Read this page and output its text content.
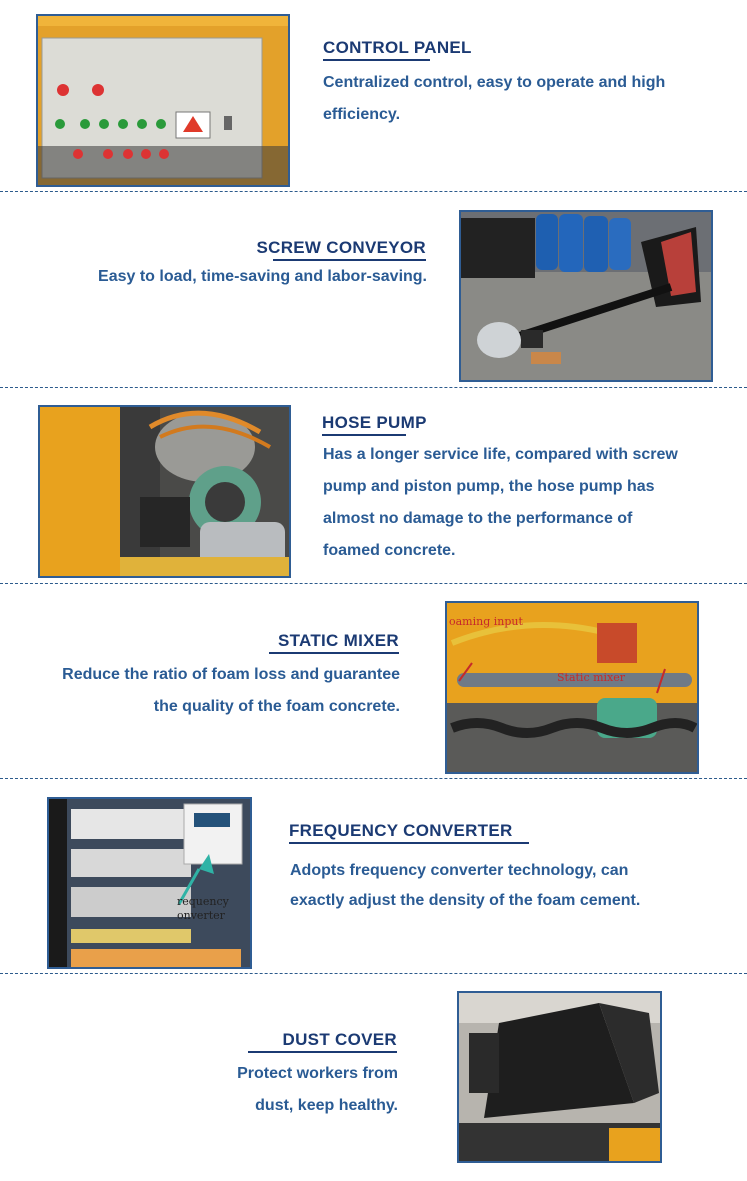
CONTROL PANEL
Centralized control, easy to operate and high
efficiency.
SCREW CONVEYOR
Easy to load, time-saving and labor-saving.
HOSE PUMP
Has a longer service life, compared with screw
pump and piston pump, the hose pump has
almost no damage to the performance of
foamed concrete.
STATIC MIXER
Reduce the ratio of foam loss and guarantee
the quality of the foam concrete.
oaming input
Static mixer
requency
onverter
FREQUENCY CONVERTER
Adopts frequency converter technology, can
exactly adjust the density of the foam cement.
DUST COVER
Protect workers from
dust, keep healthy.
